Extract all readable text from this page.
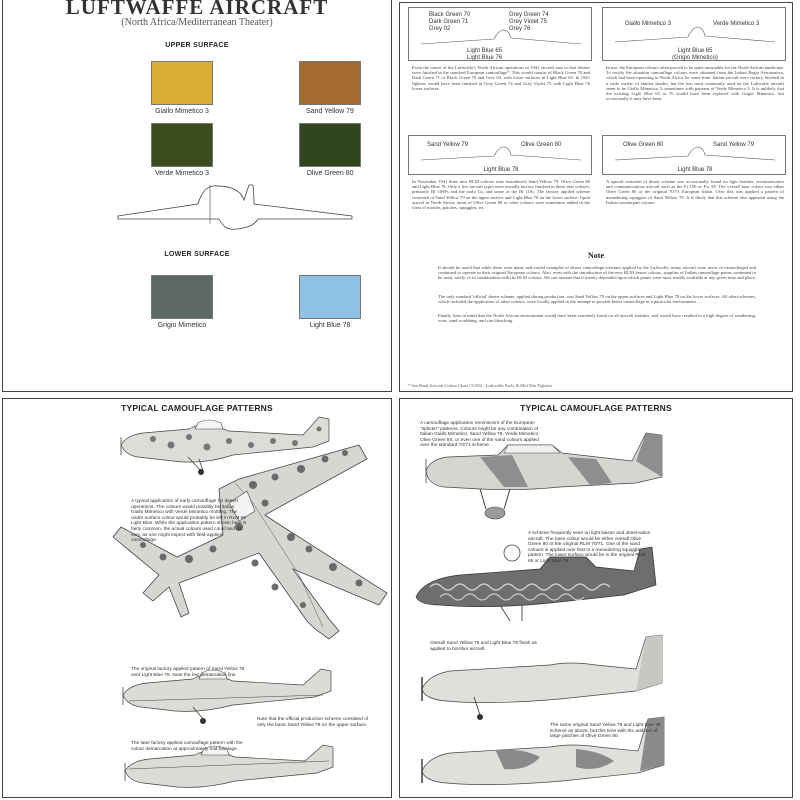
LUFTWAFFE AIRCRAFT
(North Africa/Mediterranean Theater)
UPPER SURFACE
Giallo Mimetico 3	Sand Yellow 79
Verde Mimetico 3	Olive Green 80
LOWER SURFACE
Grigio Mimetico	Light Blue 78
Black Green 70
Dark Green 71
Grey 02
Grey Green 74
Grey Violet 75
Grey 76
Light Blue 65
Light Blue 76
From the outset of the Luftwaffe's North African operations in 1941 aircraft sent to that theater were finished in the standard European camouflage*. This would consist of Black Green 70 and Dark Green 71 or Black Green 70 and Grey 02, with lower surfaces in Light Blue 65. In 1941 fighters would have been finished in Grey Green 74 and Grey Violet 75 with Light Blue 76 lower surfaces.
Giallo Mimetico 3	Verde Mimetico 3
Light Blue 65
(Grigio Mimetico)
In use, the European colours often proved to be quite unsuitable for the North African landscape. To rectify the situation camouflage colours were obtained from the Italian Regia Aeronautica, which had been operating in North Africa for some time. Italian aircraft were factory finished in a wide variety of similar shades, but the two most commonly used on the Luftwaffe aircraft seem to be Giallo Mimetico 3, sometimes with patterns of Verde Mimetico 3. It is unlikely that the existing Light Blue 65 or 76 would have been replaced with Grigio Mimetico, but occasionally it may have been.
Sand Yellow 79	Olive Green 80
Light Blue 78
In November 1941 three new RLM colours were introduced: Sand Yellow 79, Olive Green 80 and Light Blue 78. Only a few aircraft types were actually factory finished in these new colours, primarily Bf 109Fs and the early Gs, and some of the Bf 110s. The factory applied scheme consisted of Sand Yellow 79 on the upper surface and Light Blue 78 on the lower surface. Upon arrival in North Africa, areas of Olive Green 80 or other colours were sometimes added in the form of mottles, patches, squiggles, etc.
Olive Green 80	Sand Yellow 79
Light Blue 78
A special variation of desert scheme was occasionally found on light bomber, reconnaissance and communications aircraft such as the Fi 156 or Fw 58. The overall base colour was either Olive Green 80 or the original 70/71 European finish. Over this was applied a pattern of meandering squiggles of Sand Yellow 79. It is likely that this scheme also appeared using the Italian counterpart colours.
Note
It should be noted that while there were many and varied examples of desert camouflage schemes applied by the Luftwaffe, many aircraft were never re-camouflaged and continued to operate in their original European colours. Also, even with the introduction of the new RLM desert colours, supplies of Italian camouflage paints continued to be used, solely, or in combination with the RLM colours. We can assume that it merely depended upon which paints were most readily available at any given time and place.
The only standard 'official' desert scheme, applied during production, was Sand Yellow 79 on the upper surfaces and Light Blue 78 on the lower surfaces. All other schemes, which included the application of other colours, were locally applied in the attempt to provide better camouflage in a particular environment.
Finally, bear in mind that the North African environment would have been extremely harsh on all aircraft finishes, and would have resulted in a high degree of weathering, wear, sand scrubbing, and sun bleaching.
* See Read Aircraft Colour Chart CC002 - Luftwaffe Early & Mid War Fighters
TYPICAL CAMOUFLAGE PATTERNS
A typical application of early camouflage for desert operations. The colours would possibly be Italian Giallo Mimetico with Verde Mimetico mottling. The under surface colour would probably be left in RLM 65 Light Blue. While the application pattern shown here is fairly common, the actual colours used could and did vary, as one might expect with field-applied camouflage.
The original factory applied pattern of Sand Yellow 79 over Light Blue 78. Note the low demarcation line.
Note that the official production scheme consisted of only the basic Sand Yellow 79 on the upper surface.
The later factory applied camouflage pattern with the colour demarcation at approximately mid fuselage.
TYPICAL CAMOUFLAGE PATTERNS
A camouflage application reminiscent of the European "splinter" patterns. Colours might be any combination of Italian Giallo Mimetico, Sand Yellow 79, Verde Mimetico, Olive Green 80, or even one of the sand colours applied over the standard 70/71 scheme.
A scheme frequently seen on light liaison and observation aircraft. The base colour would be either overall Olive Green 80 or the original RLM 70/71. One of the sand colours is applied over that in a meandering squiggle pattern. The lower surface would be in the original RLM 65 or Light Blue 78.
Overall Sand Yellow 79 and Light Blue 78 finish as applied to bomber aircraft.
The same original Sand Yellow 79 and Light blue 78 scheme as above, but this time with the addition of large patches of Olive Green 80.
